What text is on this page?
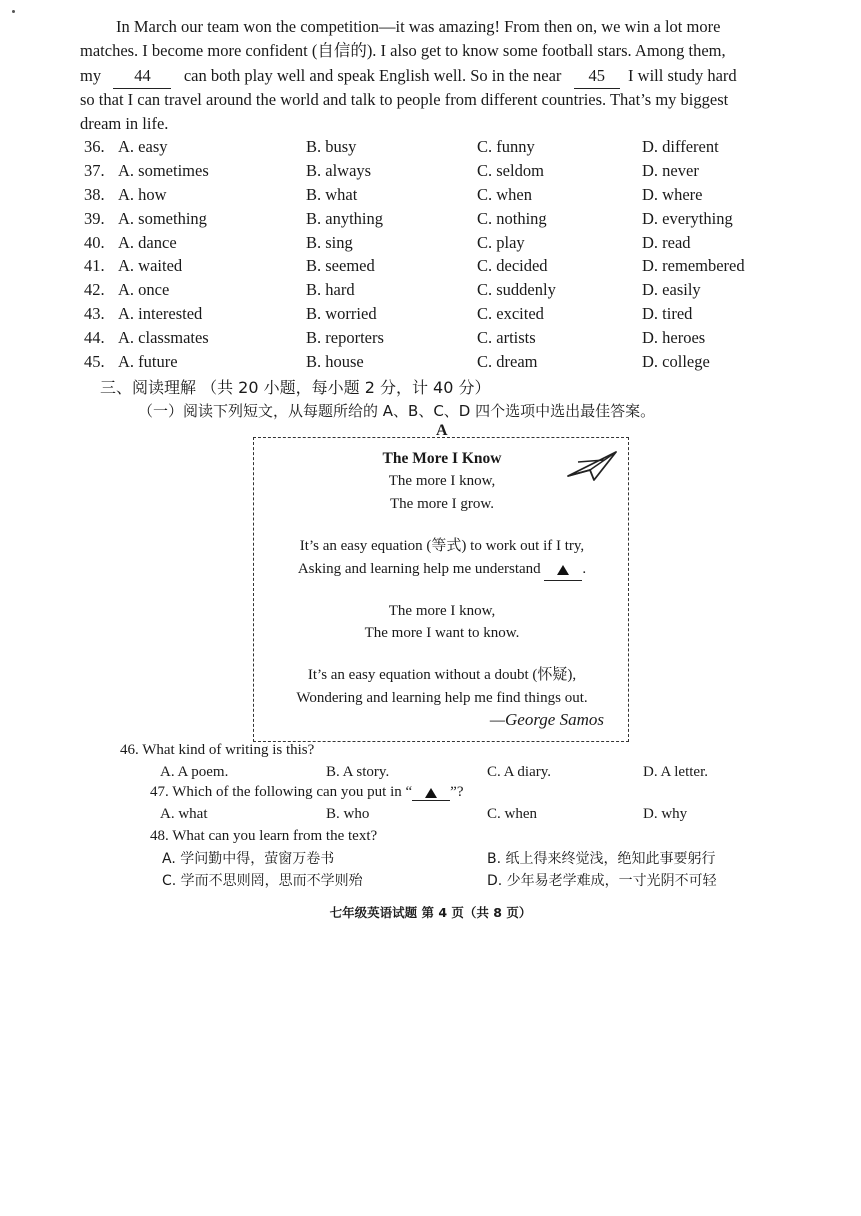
In March our team won the competition—it was amazing! From then on, we win a lot more
matches. I become more confident (自信的). I also get to know some football stars. Among them,
my 44 can both play well and speak English well. So in the near 45 I will study hard
so that I can travel around the world and talk to people from different countries. That’s my biggest
dream in life.
36. A. easy	B. busy	C. funny	D. different
37. A. sometimes	B. always	C. seldom	D. never
38. A. how	B. what	C. when	D. where
39. A. something	B. anything	C. nothing	D. everything
40. A. dance	B. sing	C. play	D. read
41. A. waited	B. seemed	C. decided	D. remembered
42. A. once	B. hard	C. suddenly	D. easily
43. A. interested	B. worried	C. excited	D. tired
44. A. classmates	B. reporters	C. artists	D. heroes
45. A. future	B. house	C. dream	D. college
三、阅读理解 （共 20 小题，每小题 2 分，计 40 分）
（一）阅读下列短文，从每题所给的 A、B、C、D 四个选项中选出最佳答案。
A
The More I Know
The more I know,
The more I grow.
It’s an easy equation (等式) to work out if I try,
Asking and learning help me understand	.
The more I know,
The more I want to know.
It’s an easy equation without a doubt (怀疑),
Wondering and learning help me find things out.
—George Samos
46. What kind of writing is this?
A. A poem.	B. A story.	C. A diary.	D. A letter.
47. Which of the following can you put in “	”?
A. what	B. who	C. when	D. why
48. What can you learn from the text?
A. 学问勤中得，萤窗万卷书	B. 纸上得来终觉浅，绝知此事要躬行
C. 学而不思则罔，思而不学则殆	D. 少年易老学难成，一寸光阴不可轻
七年级英语试题 第 4 页（共 8 页）
